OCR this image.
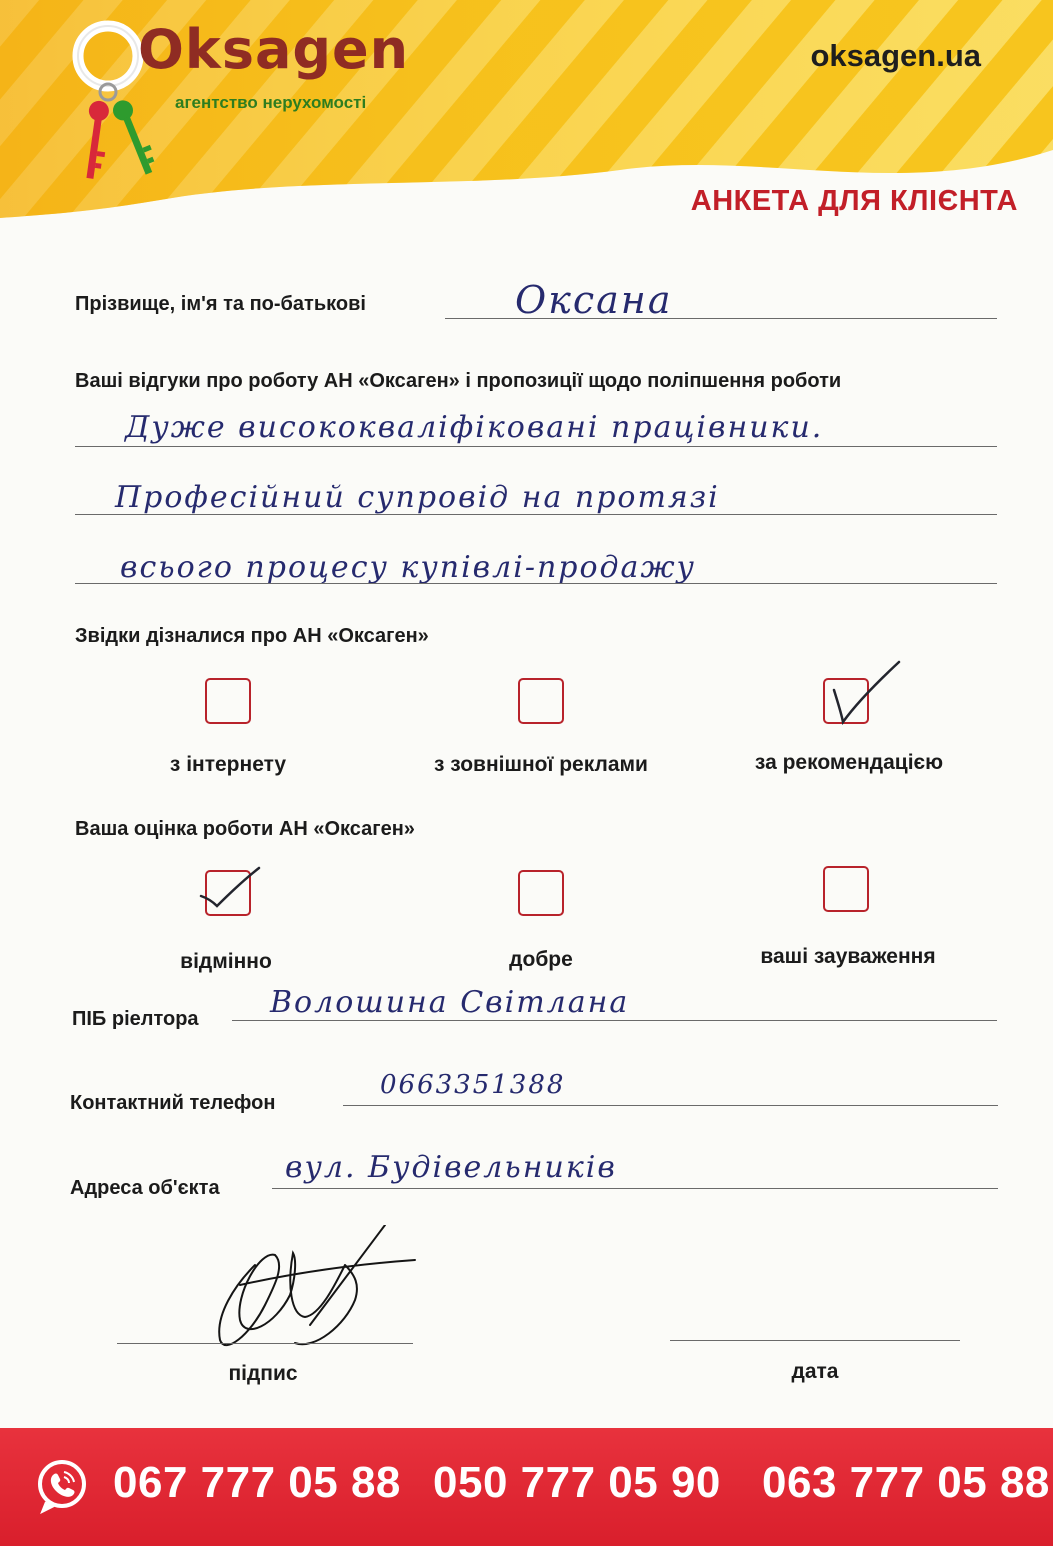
Oksagen
агентство нерухомості
oksagen.ua
АНКЕТА ДЛЯ КЛІЄНТА
Прізвище, ім'я та по-батькові	Оксана
Ваші відгуки про роботу АН «Оксаген» і пропозиції щодо поліпшення роботи
Дуже висококваліфіковані працівники.
Професійний супровід на протязі
всього процесу купівлі-продажу
Звідки дізналися про АН «Оксаген»
з інтернету	з зовнішної реклами	за рекомендацією
Ваша оцінка роботи АН «Оксаген»
відмінно	добре	ваші зауваження
ПІБ ріелтора Волошина Світлана
Контактний телефон
0663351388
Адреса об'єкта
вул. Будівельників
підпис	дата
067 777 05 88 050 777 05 90 063 777 05 88
